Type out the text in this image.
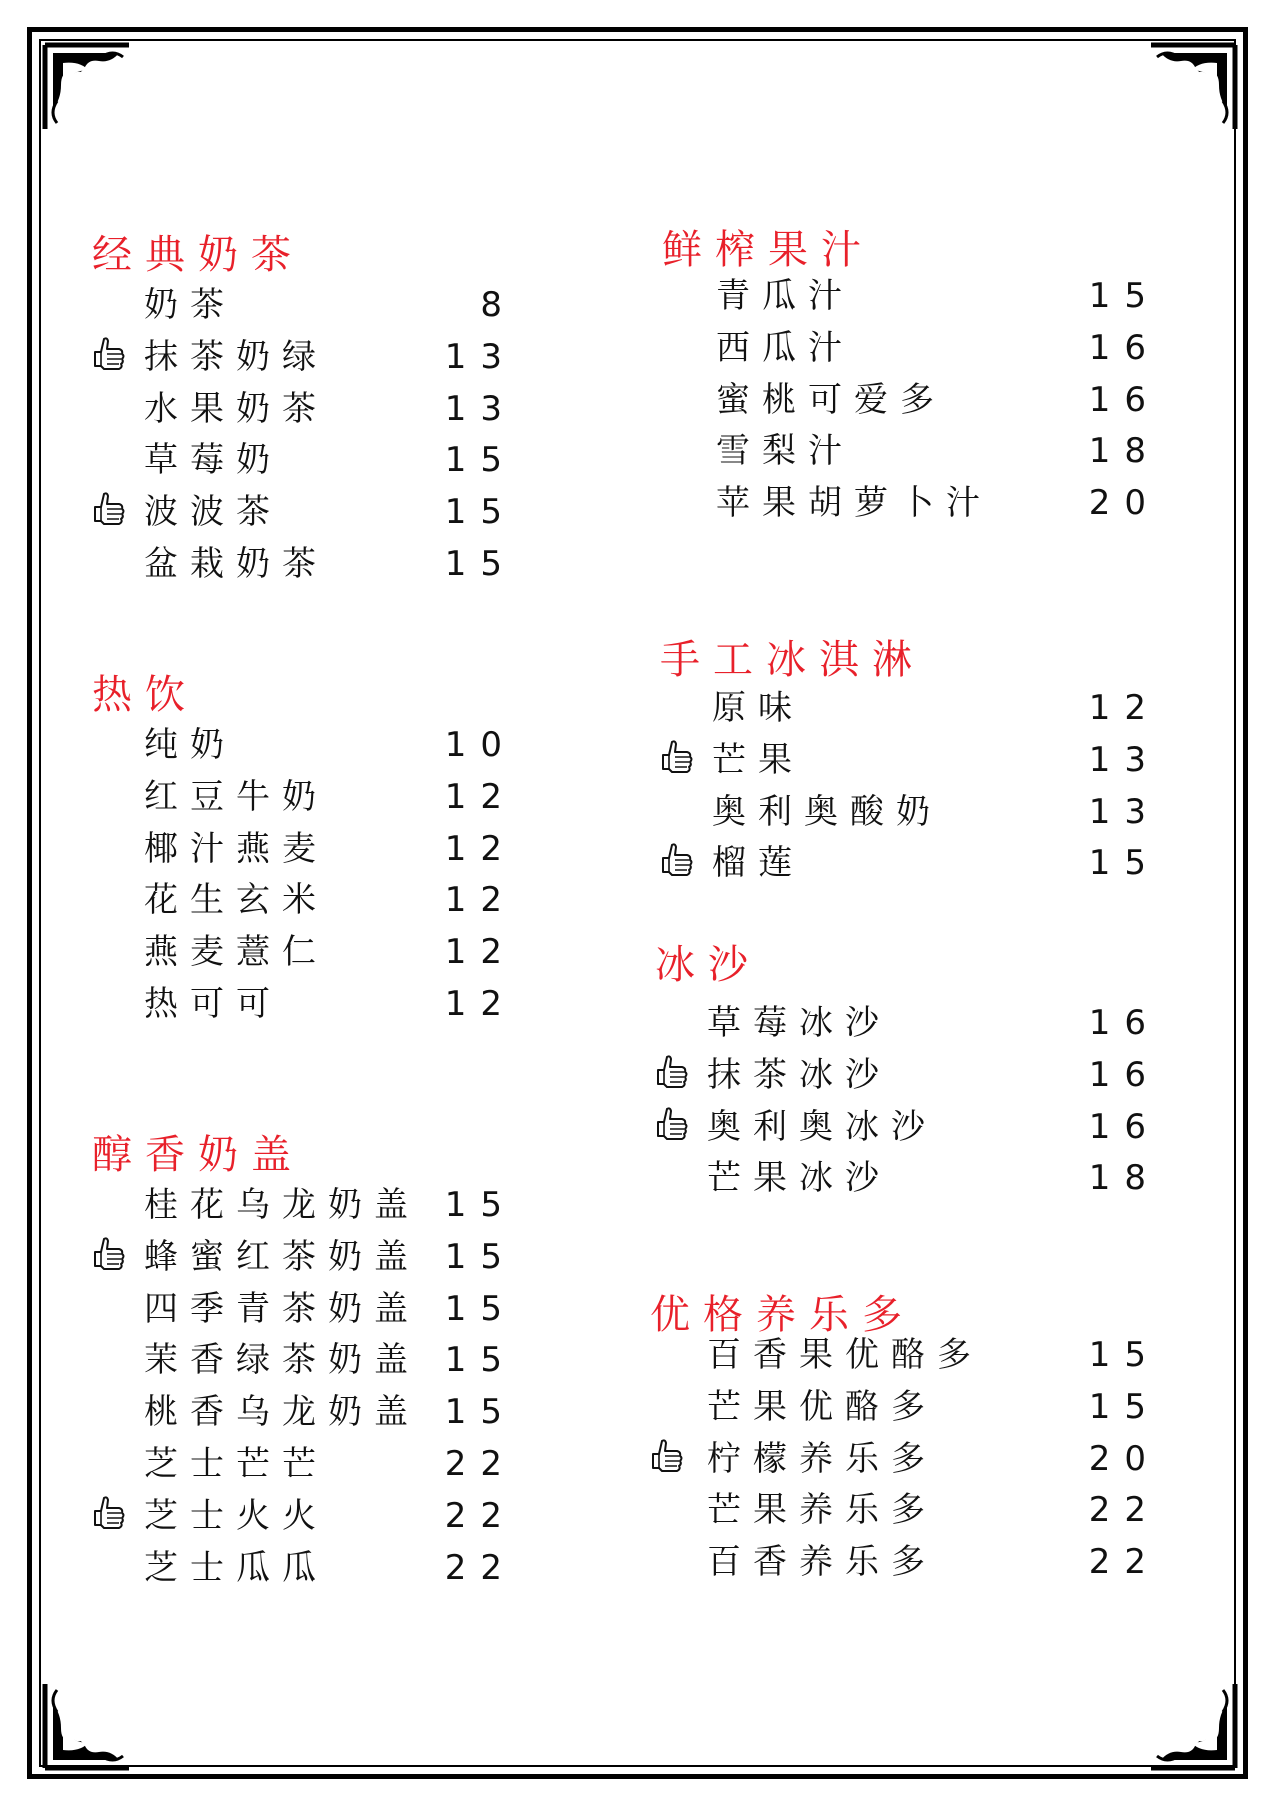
经典奶茶
奶茶	8
抹茶奶绿	13
水果奶茶	13
草莓奶	15
波波茶	15
盆栽奶茶	15
热饮
纯奶	10
红豆牛奶	12
椰汁燕麦	12
花生玄米	12
燕麦薏仁	12
热可可	12
醇香奶盖
桂花乌龙奶盖 15
蜂蜜红茶奶盖 15
四季青茶奶盖 15
茉香绿茶奶盖 15
桃香乌龙奶盖 15
芝士芒芒	22
芝士火火	22
芝士瓜瓜	22
鲜榨果汁
青瓜汁	15
西瓜汁	16
蜜桃可爱多	16
雪梨汁	18
苹果胡萝卜汁	20
手工冰淇淋
原味	12
芒果	13
奥利奥酸奶	13
榴莲	15
冰沙
草莓冰沙	16
抹茶冰沙	16
奥利奥冰沙	16
芒果冰沙	18
优格养乐多
百香果优酪多	15
芒果优酪多	15
柠檬养乐多	20
芒果养乐多	22
百香养乐多	22
